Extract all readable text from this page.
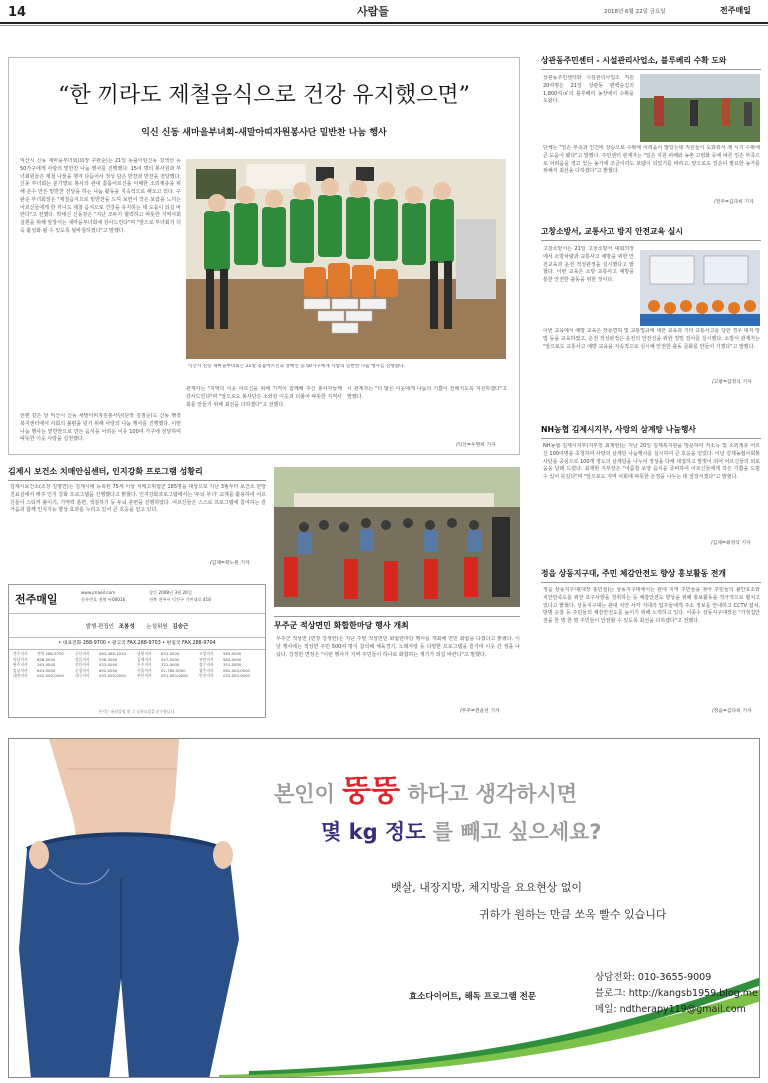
14	사람들	2018년 6월 22일 금요일	전주매일
“한 끼라도 제철음식으로 건강 유지했으면”
익신 신동 새마을부녀회-새말아띠자원봉사단 밑반찬 나눔 행사
익산시 신동 새마을부녀회(회장 구완순)는 21일 동출이틴신동 강색선 등 50가구에게 사랑의 밑반찬 나눔 행사를 진행했다. 15여 명의 봉사원과 부녀회원들은 제철 나물을 챙겨 다듬어서 정성 담은 반찬과 반찬을 전달했다. 신동 부녀회는 분기별로 봉사의 관내 홀몸어르신을 이해한 소외계층을 위해 손수 만든 밑반찬 전달을 하는 나눔 활동을 지속적으로 해오고 있다. 구완순 부녀회장은 "제철음식으로 밑반찬을 드셔 보면서 작은 보람을 느끼는 어르신들에게 한 끼니도 제철 음식으로 건강을 유지하는 데 도움이 되길 바란다"고 전했다. 박태신 신동장은 "지난 모두가 협력하고 따뜻한 지역사회 실현을 위해 앞장서는 새마을부녀회에 감사드린다"며 "앞으로 부녀회가 더욱 활성화 될 수 있도록 뒷바침하겠다"고 말했다.
익산시 신동 새마을부녀회는 21일 홀몸어르신과 장애인 등 50가구에게 사랑의 밑반찬 나눔 행사를 진행했다.
한편 같은 날 익산시 신동 새말아띠자원봉사단(단장 김점순)도 신동 행정복지센터에서 사회의 불편을 덜기 위해 사랑의 나눔 행사를 진행했다. 이번 나눔 행사는 밑반찬으로 만든 음식을 어려운 이웃 100여 가구에 전달하며 따뜻한 이웃 사랑을 실천했다.
관계자는 "지역의 이웃 어르신을 위해 기꺼이 함께해 주신 봉사자들께 감사드린다"며 "앞으로도 봉사단은 소외된 이웃과 더불어 따뜻한 지역사회를 만들기 위해 최선을 다하겠다"고 전했다.
시 관계자는 "더 많은 이웃에게 나눔의 기쁨이 전해지도록 지원하겠다"고 말했다.
/익산=우명희 기자
김제시 보건소 치매안심센터, 인지강화 프로그램 성황리
김제시보건소(소장 김병연)는 김제시에 등록된 75세 이상 치매고위험군 185명을 대상으로 지난 3월부터 보건소 한방진료실에서 매주 인지 강화 프로그램을 진행했다고 밝혔다. 인지강화프로그램에서는 '두뇌 부녀' 교재를 활용하여 어르신들이 스티커 붙이기, 기억력 훈련, 색칠하기 등 두뇌 훈련을 진행하였다. 어르신들은 스스로 프로그램에 참여하는 즐거움과 함께 인지기능 향상 효과를 누리고 있어 큰 호응을 얻고 있다.
/김제=곽노원 기자
전주매일
www.jmaeil.com
등록번호 전북 아00016
창간 2008년 3월 26일
전북 전주시 덕진구 기린대로 418
발행·편집인 조봉성 논설위원 김승근
• 대표전화 288-9700 • 광고국 FAX.288-9703 • 편집국 FAX.288-9704
전주지사	전북 288-9700	군산지사	063-466-1010	남원지사	631-0000	고창지사	563-0000
익산지사	858-0000	정읍지사	536-0000	김제지사	547-0000	부안지사	584-0000
완주지사	263-0000	진안지사	433-0000	무주지사	322-0000	장수지사	351-0000
임실지사	643-0000	순창지사	652-0000	서울지사	02-780-0000	광주지사	062-000-0000
대전지사	042-000-0000	대구지사	053-000-0000	부산지사	051-000-0000	인천지사	032-000-0000
본지는 윤리강령 및 그 실천요강을 준수합니다.
무주군 적상면민 화합한마당 행사 개최
무주군 적상면 (면장 강정란)은 지난 주말 적상면민 화합한마당 행사를 개최해 면민 화합을 다졌다고 밝혔다. 이날 행사에는 적상면 주민 500여 명이 참석해 체육경기, 노래자랑 등 다양한 프로그램을 즐기며 이웃 간 정을 나눴다. 강정란 면장은 "이번 행사가 지역 주민들이 하나로 화합하는 계기가 되길 바란다"고 말했다.
/무주=전윤선 기자
상관동주민센터 - 시설관리사업소, 블루베리 수확 도와
상관동주민센터와 시설관리사업소 직원 20여명은 21일 상관동 편백숲길의 1,800여㎡의 블루베리 농장에서 수확을 도왔다.
단체는 "일손 부족과 인건비 상승으로 수확에 어려움이 많았는데 직원들이 도와줘서 제 시기 수확에 큰 도움이 됐다"고 말했다. 주민센터 관계자는 "일손 지원 피해와 농촌 고령화 등에 따른 일손 부족으로 어려움을 겪고 있는 농가에 조금이라도 보탬이 되었기를 바라고, 앞으로도 일손이 필요한 농가를 위해서 최선을 다하겠다"고 밝혔다.
/전주=김다희 기자
고창소방서, 교통사고 방지 안전교육 실시
고창소방서는 21일 고창소방서 대회의장에서 소방차량과 교통사고 예방을 위한 안전교육과 운전 적성판정을 실시했다고 밝혔다. 이번 교육은 소방 교통사고 예방을 통한 안전한 출동을 위한 것이다.
이번 교육에서 예방 교육은 장롱면허 및 교통법규에 대한 교육과 기타 교통사고를 당한 경우 대처 방법 등을 교육하였고, 운전 적성판정은 운전의 안전성을 위한 정밀 검사를 실시했다. 소방서 관계자는 "앞으로도 교통사고 예방 교육을 지속적으로 실시해 안전한 출동 문화를 만들어 가겠다"고 말했다.
/고창=김정식 기자
NH농협 김제시지부, 사랑의 삼계탕 나눔행사
NH농협 김제시지부(지부장 최재현)는 지난 20일 김제복지관을 방문하여 저소득 및 소외계층 어르신 100여명을 초청하여 사랑의 삼계탕 나눔행사를 실시하여 큰 호응을 얻었다. 이날 김제농협사회봉사단을 중심으로 100개 정도의 삼계탕을 나누어 정성을 다해 대접하고 말벗이 되어 어르신들의 외로움을 달래 드렸다. 최재현 지부장은 "여름철 보양 음식을 준비하여 어르신들에게 작은 기쁨을 드릴 수 있어 뜻깊다"며 "앞으로도 지역 사회에 따뜻한 온정을 나누는 데 앞장서겠다"고 밝혔다.
/김제=최영식 기자
정읍 상동지구대, 주민 체감안전도 향상 홍보활동 전개
정읍 상동지구대(대장 홍민철)는 상동지구대에서는 관내 지역 주민들을 찾아 주민들의 불안요소와 치안만족도를 위한 요구사항을 청취하는 등 체감안전도 향상을 위해 홍보활동을 적극적으로 펼치고 있다고 밝혔다. 상동지구대는 관내 치안 사각 지대의 업주들에게 주소 정보를 안내하고 CCTV 설치, 방범 순찰 등 주민들의 체감안전도를 높이기 위해 노력하고 있다. 이종수 상동지구대장은 "가정집안전을 한 명 한 명 주민들이 안전할 수 있도록 최선을 다하겠다"고 전했다.
/정읍=김다희 기자
본인이 뚱뚱 하다고 생각하시면
몇 kg 정도 를 빼고 싶으세요?
뱃살, 내장지방, 체지방을 요요현상 없이
귀하가 원하는 만큼 쏘옥 빨수 있습니다
효소다이어트, 해독 프로그램 전문
상담전화: 010-3655-9009
블로그: http://kangsb1959.blog.me
메일: ndtherapy119@gmail.com
